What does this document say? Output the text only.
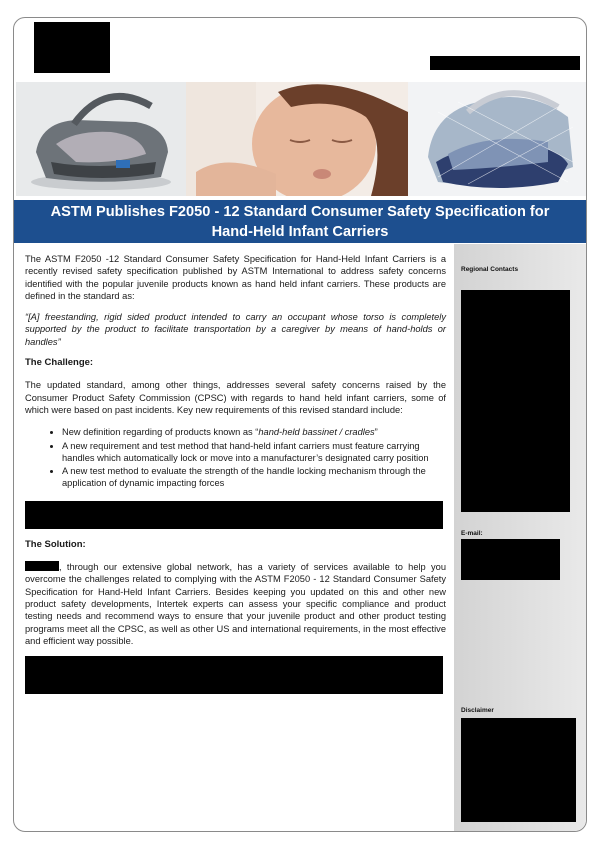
ASTM Publishes F2050 - 12 Standard Consumer Safety Specification for Hand-Held Infant Carriers

The ASTM F2050 -12 Standard Consumer Safety Specification for Hand-Held Infant Carriers is a recently revised safety specification published by ASTM International to address safety concerns identified with the popular juvenile products known as hand held infant carriers. These products are defined in the standard as:

“[A] freestanding, rigid sided product intended to carry an occupant whose torso is completely supported by the product to facilitate transportation by a caregiver by means of hand-holds or handles”

The Challenge:

The updated standard, among other things, addresses several safety concerns raised by the Consumer Product Safety Commission (CPSC) with regards to hand held infant carriers, some of which were based on past incidents. Key new requirements of this revised standard include:

• New definition regarding of products known as “hand-held bassinet / cradles”
• A new requirement and test method that hand-held infant carriers must feature carrying handles which automatically lock or move into a manufacturer’s designated carry position
• A new test method to evaluate the strength of the handle locking mechanism through the application of dynamic impacting forces
The Solution:

, through our extensive global network, has a variety of services available to help you overcome the challenges related to complying with the ASTM F2050 - 12 Standard Consumer Safety Specification for Hand-Held Infant Carriers. Besides keeping you updated on this and other new product safety developments, Intertek experts can assess your specific compliance and product testing needs and recommend ways to ensure that your juvenile product and other product testing programs meet all the CPSC, as well as other US and international requirements, in the most effective and efficient way possible.

Regional Contacts
E-mail:
Disclaimer
